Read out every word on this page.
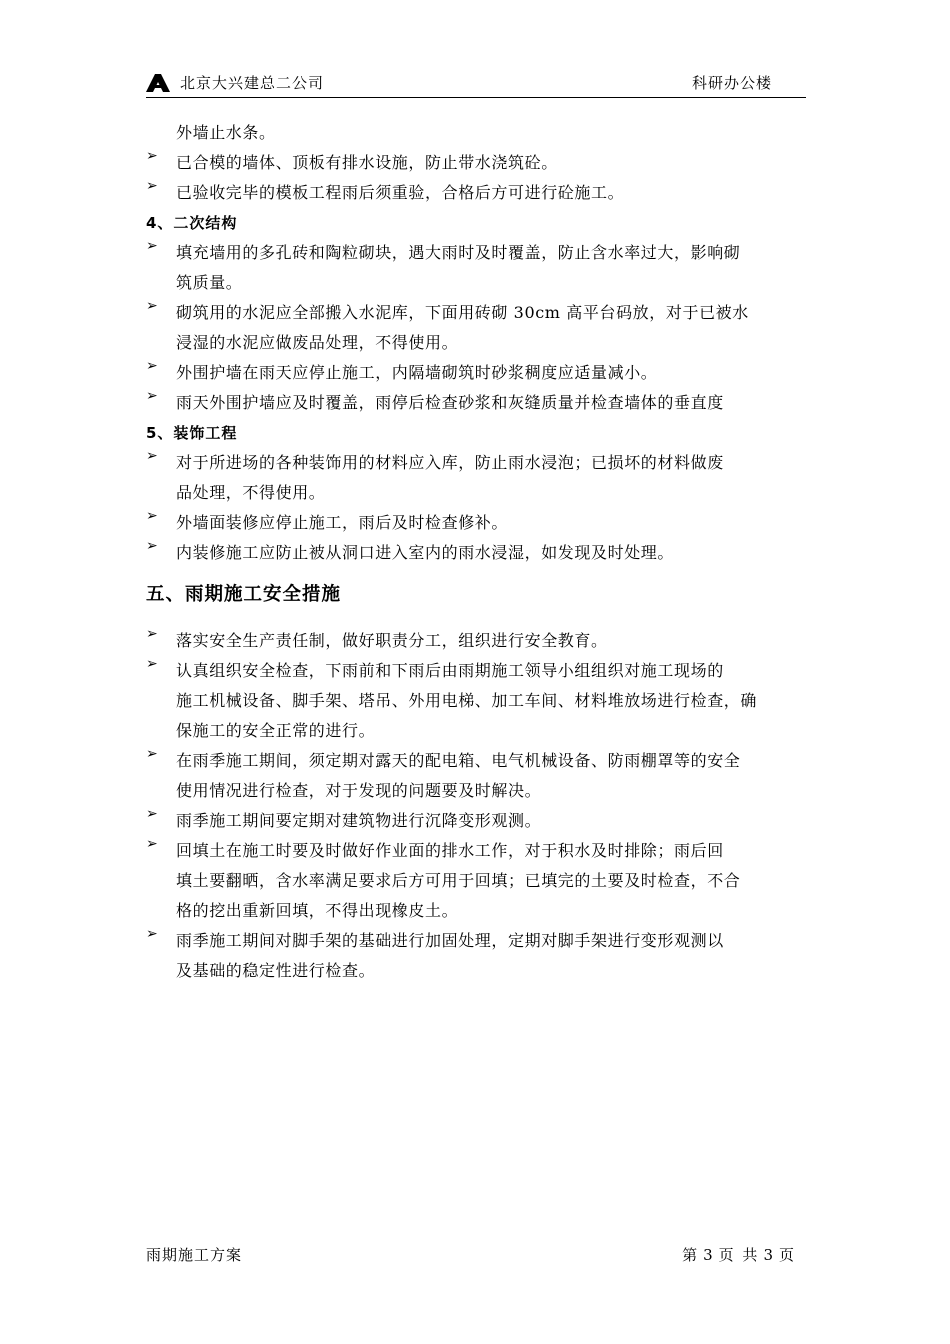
北京大兴建总二公司	科研办公楼
外墙止水条。
➢ 已合模的墙体、顶板有排水设施，防止带水浇筑砼。
➢ 已验收完毕的模板工程雨后须重验，合格后方可进行砼施工。
4、二次结构
➢ 填充墙用的多孔砖和陶粒砌块，遇大雨时及时覆盖，防止含水率过大，影响砌
筑质量。
➢ 砌筑用的水泥应全部搬入水泥库，下面用砖砌 30cm 高平台码放，对于已被水
浸湿的水泥应做废品处理，不得使用。
➢ 外围护墙在雨天应停止施工，内隔墙砌筑时砂浆稠度应适量减小。
➢ 雨天外围护墙应及时覆盖，雨停后检查砂浆和灰缝质量并检查墙体的垂直度
5、装饰工程
➢ 对于所进场的各种装饰用的材料应入库，防止雨水浸泡；已损坏的材料做废
品处理，不得使用。
➢ 外墙面装修应停止施工，雨后及时检查修补。
➢ 内装修施工应防止被从洞口进入室内的雨水浸湿，如发现及时处理。
五、雨期施工安全措施
➢ 落实安全生产责任制，做好职责分工，组织进行安全教育。
➢ 认真组织安全检查，下雨前和下雨后由雨期施工领导小组组织对施工现场的
施工机械设备、脚手架、塔吊、外用电梯、加工车间、材料堆放场进行检查，确
保施工的安全正常的进行。
➢ 在雨季施工期间，须定期对露天的配电箱、电气机械设备、防雨棚罩等的安全
使用情况进行检查，对于发现的问题要及时解决。
➢ 雨季施工期间要定期对建筑物进行沉降变形观测。
➢ 回填土在施工时要及时做好作业面的排水工作，对于积水及时排除；雨后回
填土要翻晒，含水率满足要求后方可用于回填；已填完的土要及时检查，不合
格的挖出重新回填，不得出现橡皮土。
➢ 雨季施工期间对脚手架的基础进行加固处理，定期对脚手架进行变形观测以
及基础的稳定性进行检查。
雨期施工方案	第 3 页 共 3 页
